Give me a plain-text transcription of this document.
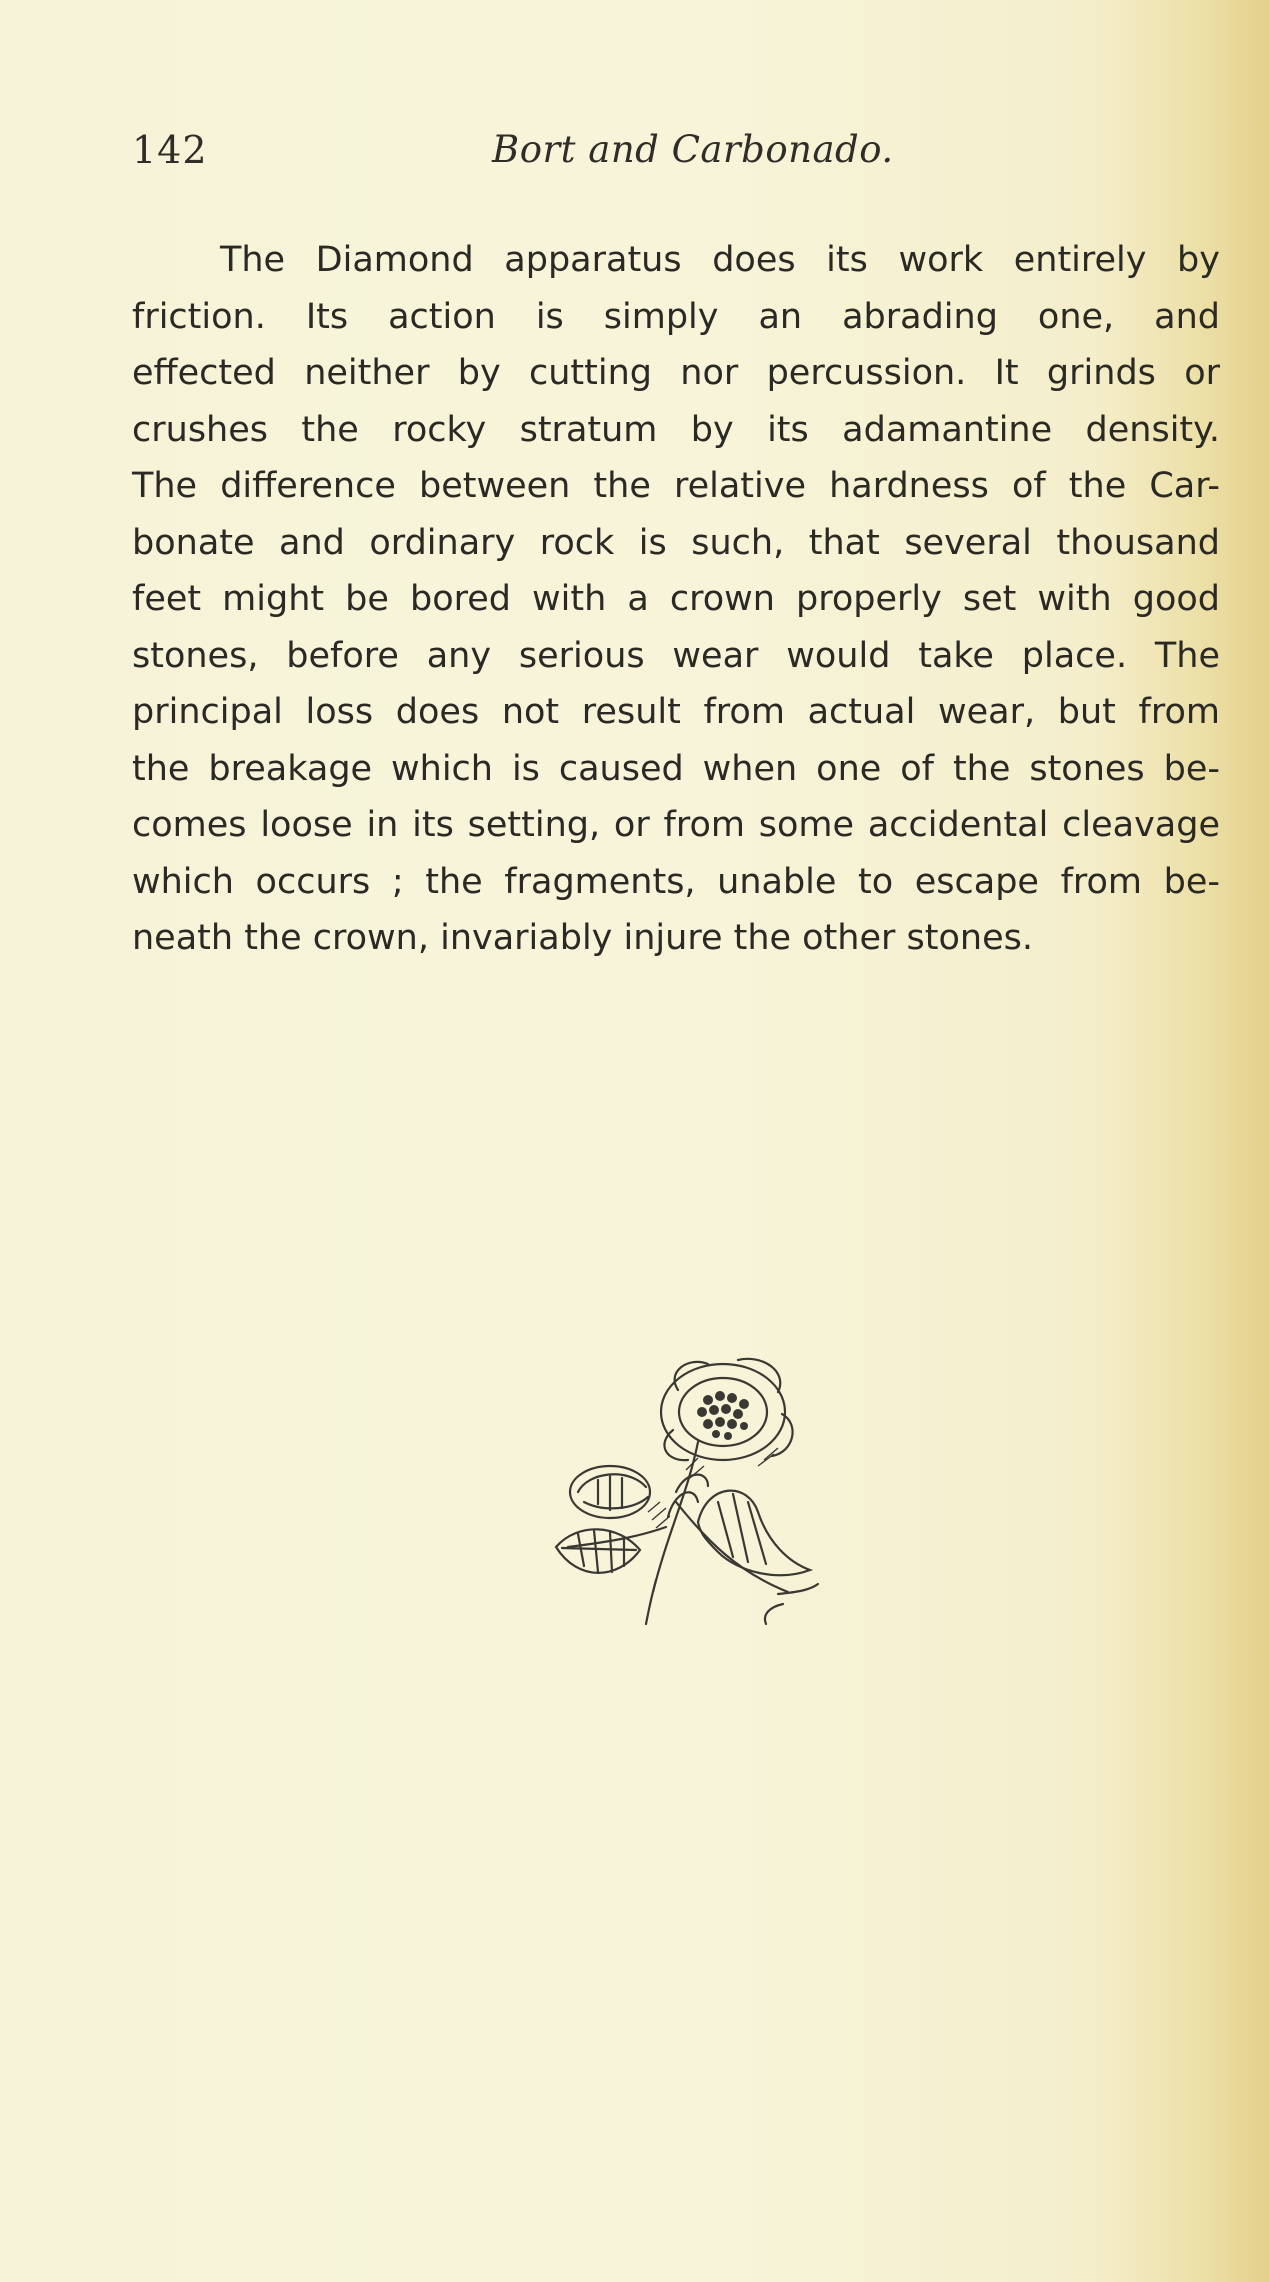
142	Bort and Carbonado.
The Diamond apparatus does its work entirely by
friction. Its action is simply an abrading one, and
effected neither by cutting nor percussion. It grinds or
crushes the rocky stratum by its adamantine density.
The difference between the relative hardness of the Car-
bonate and ordinary rock is such, that several thousand
feet might be bored with a crown properly set with good
stones, before any serious wear would take place. The
principal loss does not result from actual wear, but from
the breakage which is caused when one of the stones be-
comes loose in its setting, or from some accidental cleavage
which occurs ; the fragments, unable to escape from be-
neath the crown, invariably injure the other stones.
